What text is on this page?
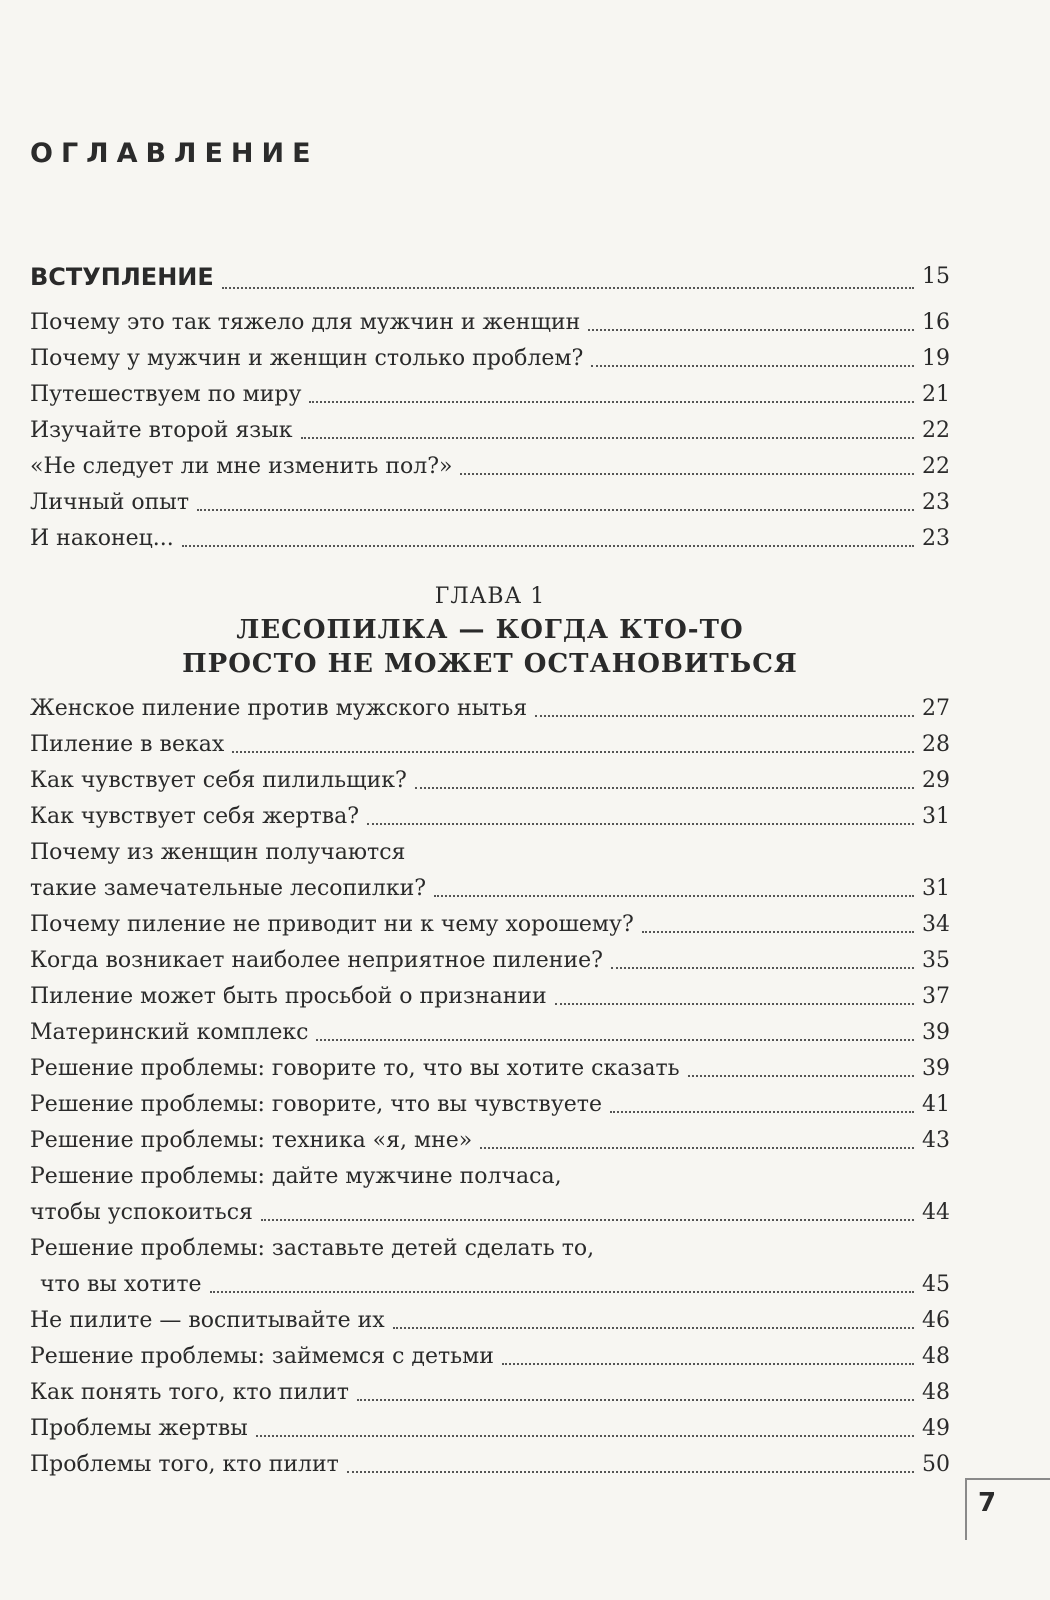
ОГЛАВЛЕНИЕ
ВСТУПЛЕНИЕ	15
Почему это так тяжело для мужчин и женщин	16
Почему у мужчин и женщин столько проблем?	19
Путешествуем по миру	21
Изучайте второй язык	22
«Не следует ли мне изменить пол?»	22
Личный опыт	23
И наконец...	23
ГЛАВА 1
ЛЕСОПИЛКА — КОГДА КТО-ТО
ПРОСТО НЕ МОЖЕТ ОСТАНОВИТЬСЯ
Женское пиление против мужского нытья	27
Пиление в веках	28
Как чувствует себя пилильщик?	29
Как чувствует себя жертва?	31
Почему из женщин получаются
такие замечательные лесопилки?	31
Почему пиление не приводит ни к чему хорошему?	34
Когда возникает наиболее неприятное пиление?	35
Пиление может быть просьбой о признании	37
Материнский комплекс	39
Решение проблемы: говорите то, что вы хотите сказать	39
Решение проблемы: говорите, что вы чувствуете	41
Решение проблемы: техника «я, мне»	43
Решение проблемы: дайте мужчине полчаса,
чтобы успокоиться	44
Решение проблемы: заставьте детей сделать то,
что вы хотите	45
Не пилите — воспитывайте их	46
Решение проблемы: займемся с детьми	48
Как понять того, кто пилит	48
Проблемы жертвы	49
Проблемы того, кто пилит	50
7
